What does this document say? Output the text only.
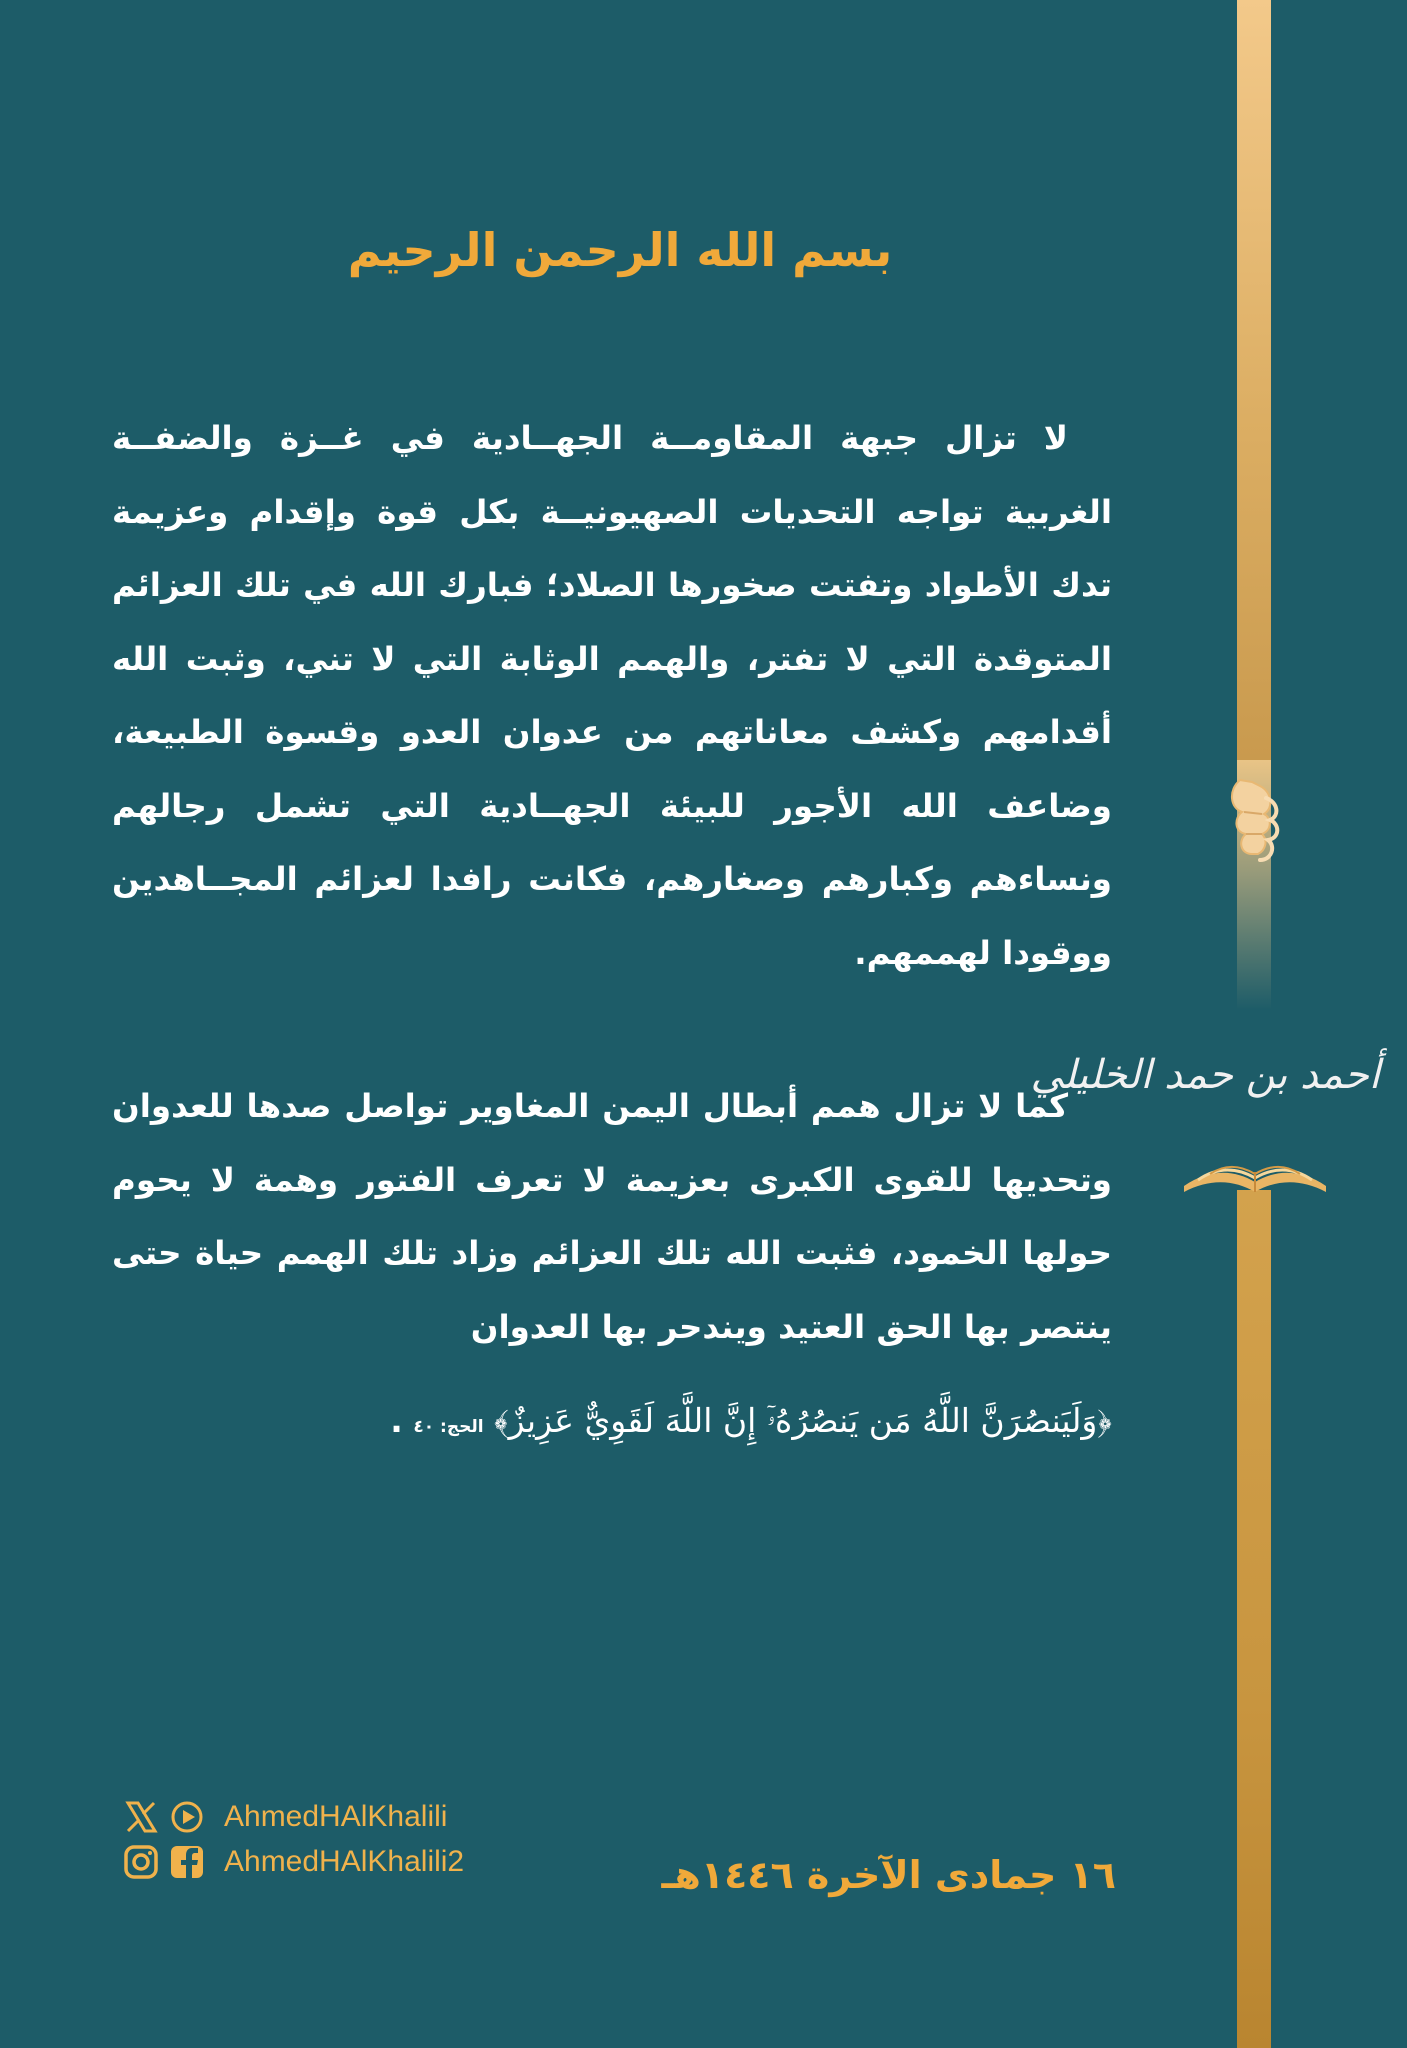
أحمد بن حمد الخليلي
بسم الله الرحمن الرحيم
لا تزال جبهة المقاومــة الجهــادية في غــزة والضفــة الغربية تواجه التحديات الصهيونيــة بكل قوة وإقدام وعزيمة تدك الأطواد وتفتت صخورها الصلاد؛ فبارك الله في تلك العزائم المتوقدة التي لا تفتر، والهمم الوثابة التي لا تني، وثبت الله أقدامهم وكشف معاناتهم من عدوان العدو وقسوة الطبيعة، وضاعف الله الأجور للبيئة الجهــادية التي تشمل رجالهم ونساءهم وكبارهم وصغارهم، فكانت رافدا لعزائم المجــاهدين ووقودا لهممهم.
كما لا تزال همم أبطال اليمن المغاوير تواصل صدها للعدوان وتحديها للقوى الكبرى بعزيمة لا تعرف الفتور وهمة لا يحوم حولها الخمود، فثبت الله تلك العزائم وزاد تلك الهمم حياة حتى ينتصر بها الحق العتيد ويندحر بها العدوان
﴿وَلَيَنصُرَنَّ اللَّهُ مَن يَنصُرُهُۥٓ إِنَّ اللَّهَ لَقَوِيٌّ عَزِيزٌ﴾ الحج: ٤٠ .
AhmedHAlKhalili
AhmedHAlKhalili2	١٦ جمادى الآخرة ١٤٤٦هـ
